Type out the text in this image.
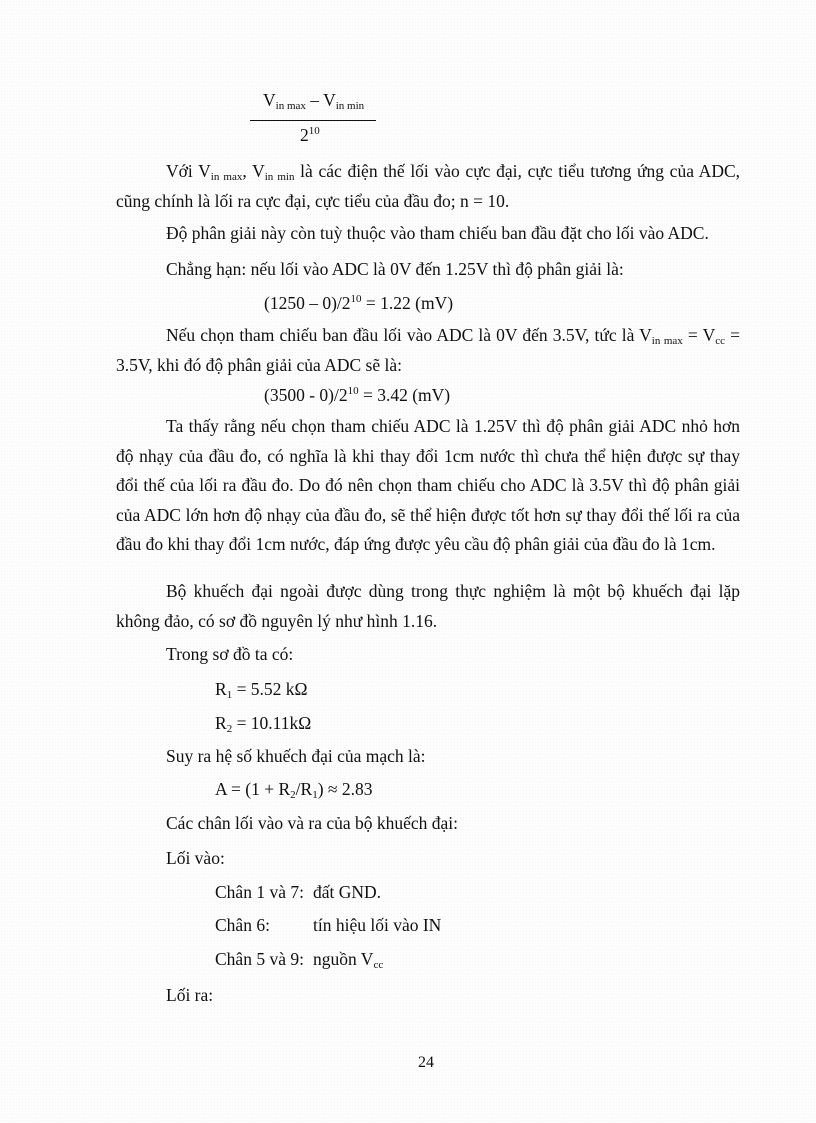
$V_{in max} - V_{in min}$
$2^{10}$
Với $V_{in max}$, $V_{in min}$ là các điện thế lối vào cực đại, cực tiểu tương ứng của ADC, cũng chính là lối ra cực đại, cực tiểu của đầu đo; n = 10.
Độ phân giải này còn tuỳ thuộc vào tham chiếu ban đầu đặt cho lối vào ADC.
Chẳng hạn: nếu lối vào ADC là 0V đến 1.25V thì độ phân giải là:
$(1250 - 0)/2^{10} = 1.22$ (mV)
Nếu chọn tham chiếu ban đầu lối vào ADC là 0V đến 3.5V, tức là $V_{in max} = V_{cc} = 3.5V$, khi đó độ phân giải của ADC sẽ là:
$(3500 - 0)/2^{10} = 3.42$ (mV)
Ta thấy rằng nếu chọn tham chiếu ADC là 1.25V thì độ phân giải ADC nhỏ hơn độ nhạy của đầu đo, có nghĩa là khi thay đổi 1cm nước thì chưa thể hiện được sự thay đổi thế của lối ra đầu đo. Do đó nên chọn tham chiếu cho ADC là 3.5V thì độ phân giải của ADC lớn hơn độ nhạy của đầu đo, sẽ thể hiện được tốt hơn sự thay đổi thế lối ra của đầu đo khi thay đổi 1cm nước, đáp ứng được yêu cầu độ phân giải của đầu đo là 1cm.
Bộ khuếch đại ngoài được dùng trong thực nghiệm là một bộ khuếch đại lặp không đảo, có sơ đồ nguyên lý như hình 1.16.
Trong sơ đồ ta có:
$R_1 = 5.52$ kΩ
$R_2 = 10.11k\Omega$
Suy ra hệ số khuếch đại của mạch là:
$A = (1 + R_2/R_1) \approx 2.83$
Các chân lối vào và ra của bộ khuếch đại:
Lối vào:
Chân 1 và 7: đất GND.
Chân 6: tín hiệu lối vào IN
Chân 5 và 9: nguồn $V_{cc}$
Lối ra:
24
